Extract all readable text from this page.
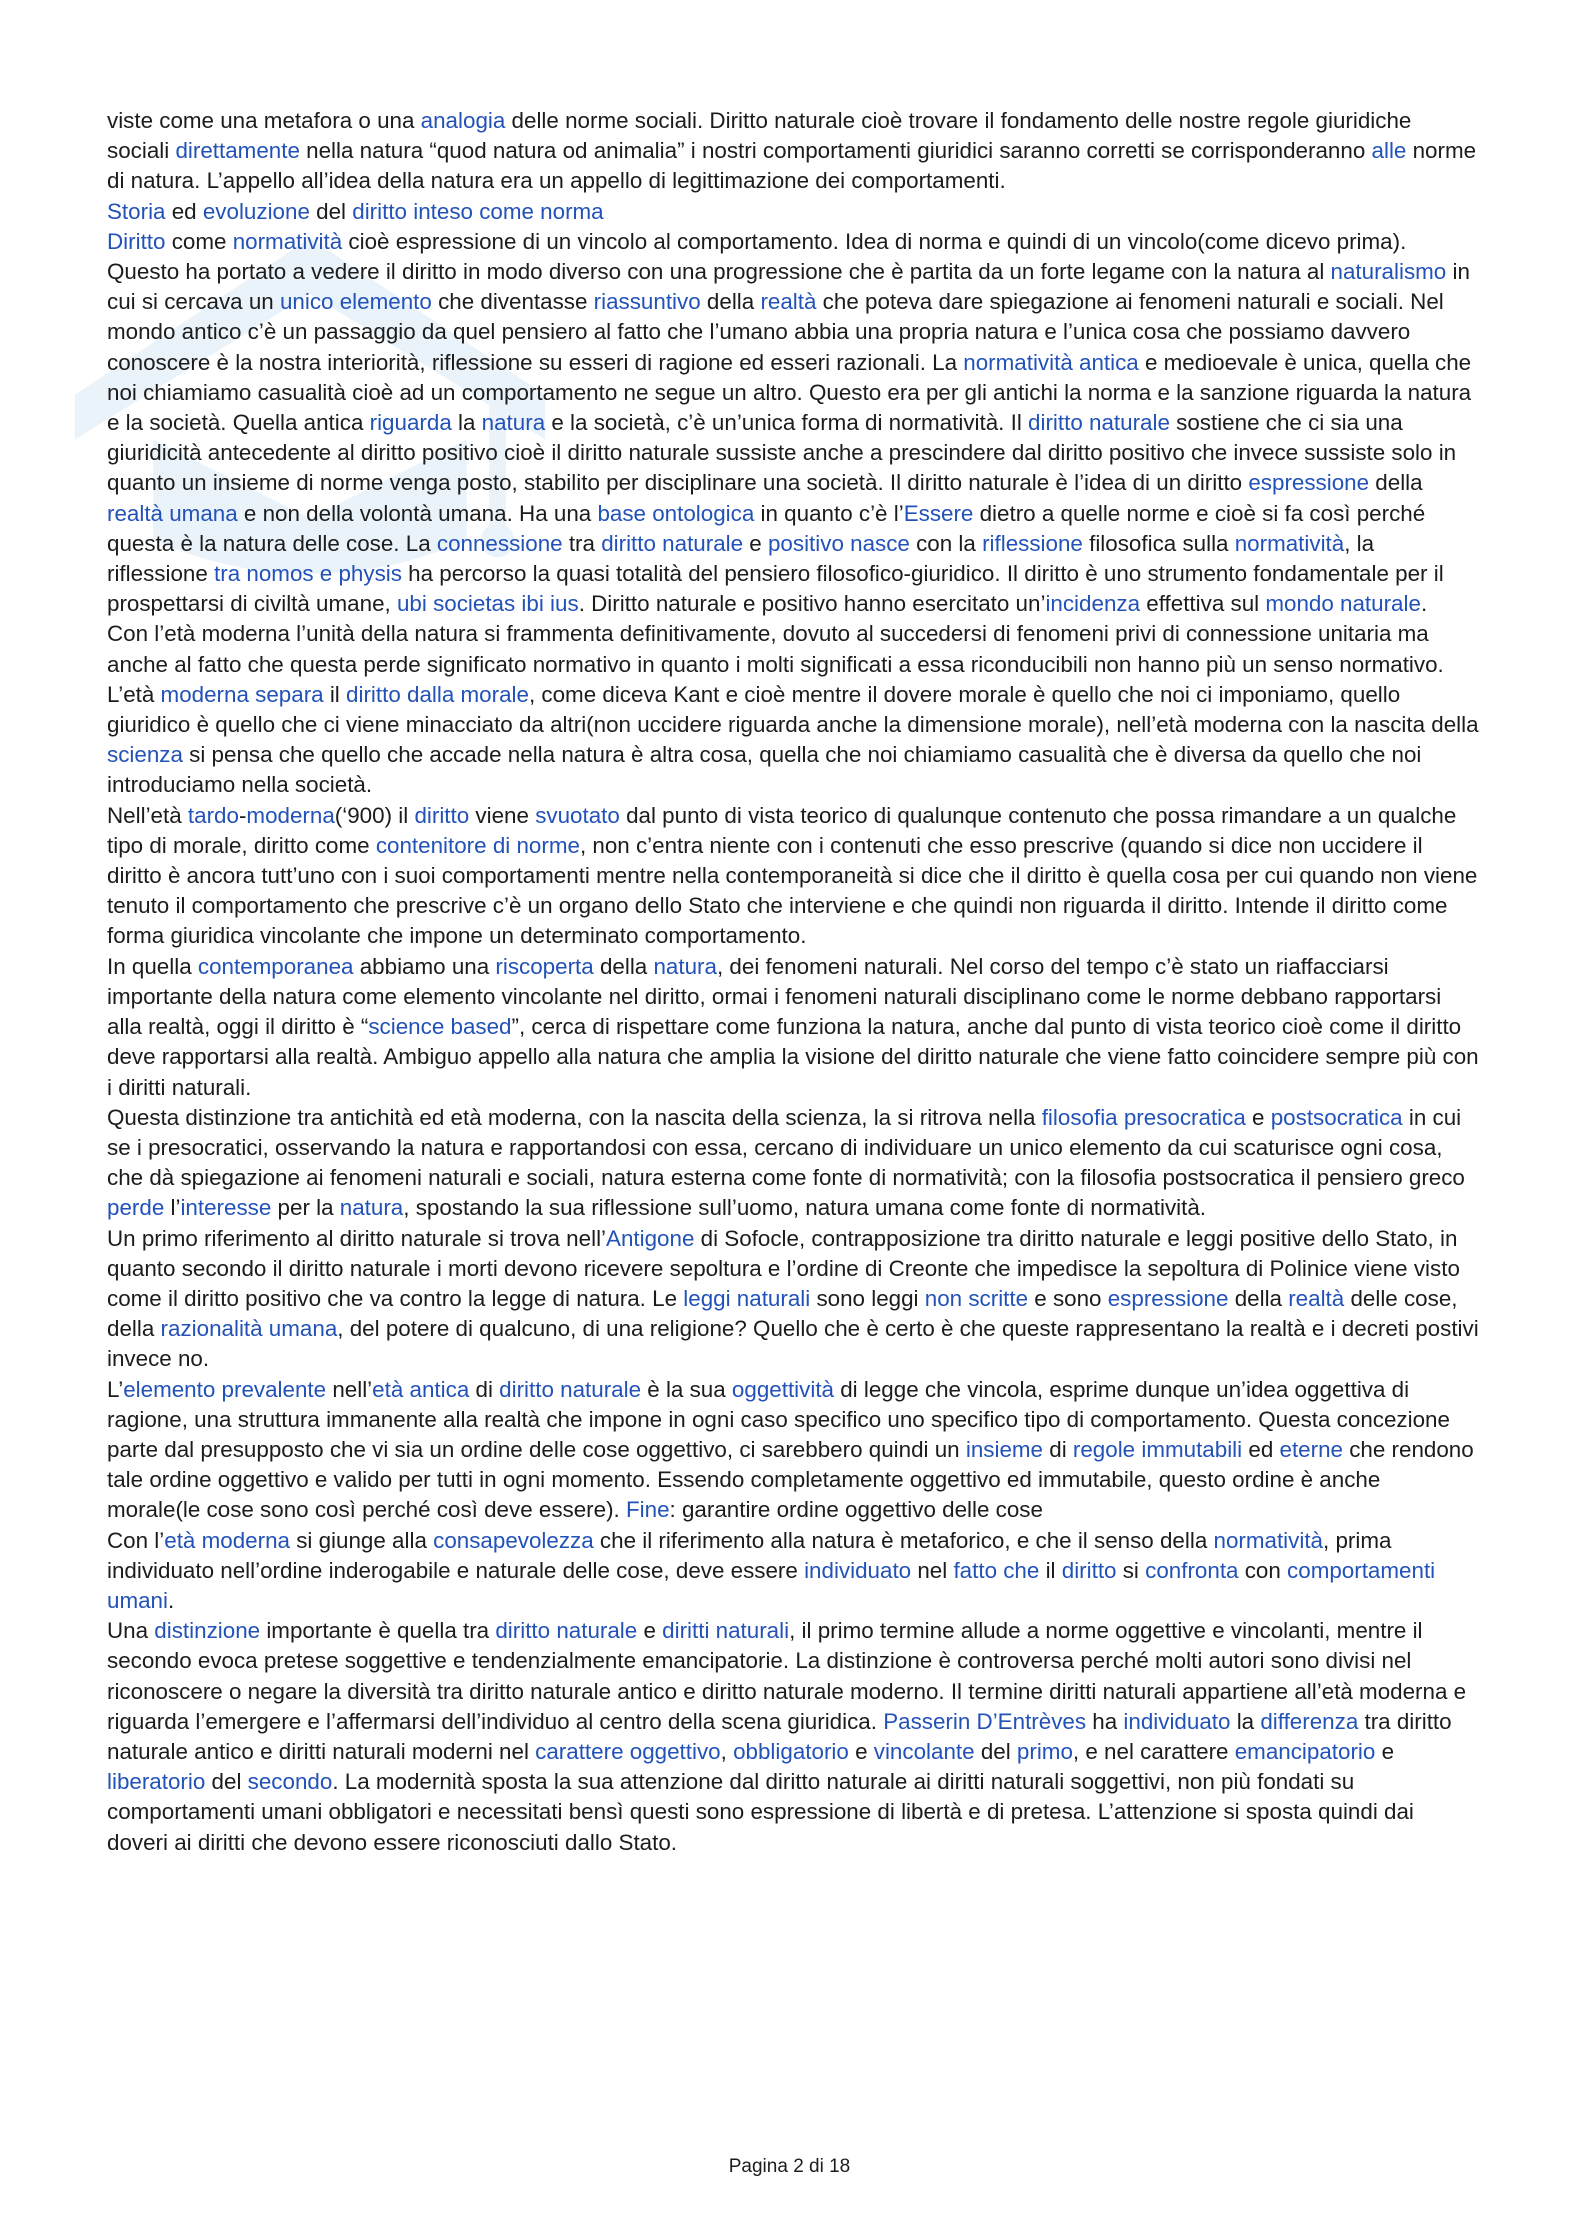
viste come una metafora o una analogia delle norme sociali. Diritto naturale cioè trovare il fondamento delle nostre regole giuridiche sociali direttamente nella natura “quod natura od animalia” i nostri comportamenti giuridici saranno corretti se corrisponderanno alle norme di natura. L’appello all’idea della natura era un appello di legittimazione dei comportamenti.

Storia ed evoluzione del diritto inteso come norma

Diritto come normatività cioè espressione di un vincolo al comportamento. Idea di norma e quindi di un vincolo(come dicevo prima). Questo ha portato a vedere il diritto in modo diverso con una progressione che è partita da un forte legame con la natura al naturalismo in cui si cercava un unico elemento che diventasse riassuntivo della realtà che poteva dare spiegazione ai fenomeni naturali e sociali. Nel mondo antico c’è un passaggio da quel pensiero al fatto che l’umano abbia una propria natura e l’unica cosa che possiamo davvero conoscere è la nostra interiorità, riflessione su esseri di ragione ed esseri razionali. La normatività antica e medioevale è unica, quella che noi chiamiamo casualità cioè ad un comportamento ne segue un altro. Questo era per gli antichi la norma e la sanzione riguarda la natura e la società. Quella antica riguarda la natura e la società, c’è un’unica forma di normatività. Il diritto naturale sostiene che ci sia una giuridicità antecedente al diritto positivo cioè il diritto naturale sussiste anche a prescindere dal diritto positivo che invece sussiste solo in quanto un insieme di norme venga posto, stabilito per disciplinare una società. Il diritto naturale è l’idea di un diritto espressione della realtà umana e non della volontà umana. Ha una base ontologica in quanto c’è l’Essere dietro a quelle norme e cioè si fa così perché questa è la natura delle cose. La connessione tra diritto naturale e positivo nasce con la riflessione filosofica sulla normatività, la riflessione tra nomos e physis ha percorso la quasi totalità del pensiero filosofico-giuridico. Il diritto è uno strumento fondamentale per il prospettarsi di civiltà umane, ubi societas ibi ius. Diritto naturale e positivo hanno esercitato un’incidenza effettiva sul mondo naturale.

Con l’età moderna l’unità della natura si frammenta definitivamente, dovuto al succedersi di fenomeni privi di connessione unitaria ma anche al fatto che questa perde significato normativo in quanto i molti significati a essa riconducibili non hanno più un senso normativo. L’età moderna separa il diritto dalla morale, come diceva Kant e cioè mentre il dovere morale è quello che noi ci imponiamo, quello giuridico è quello che ci viene minacciato da altri(non uccidere riguarda anche la dimensione morale), nell’età moderna con la nascita della scienza si pensa che quello che accade nella natura è altra cosa, quella che noi chiamiamo casualità che è diversa da quello che noi introduciamo nella società.

Nell’età tardo-moderna(‘900) il diritto viene svuotato dal punto di vista teorico di qualunque contenuto che possa rimandare a un qualche tipo di morale, diritto come contenitore di norme, non c’entra niente con i contenuti che esso prescrive (quando si dice non uccidere il diritto è ancora tutt’uno con i suoi comportamenti mentre nella contemporaneità si dice che il diritto è quella cosa per cui quando non viene tenuto il comportamento che prescrive c’è un organo dello Stato che interviene e che quindi non riguarda il diritto. Intende il diritto come forma giuridica vincolante che impone un determinato comportamento.

In quella contemporanea abbiamo una riscoperta della natura, dei fenomeni naturali. Nel corso del tempo c’è stato un riaffacciarsi importante della natura come elemento vincolante nel diritto, ormai i fenomeni naturali disciplinano come le norme debbano rapportarsi alla realtà, oggi il diritto è “science based”, cerca di rispettare come funziona la natura, anche dal punto di vista teorico cioè come il diritto deve rapportarsi alla realtà. Ambiguo appello alla natura che amplia la visione del diritto naturale che viene fatto coincidere sempre più con i diritti naturali.

Questa distinzione tra antichità ed età moderna, con la nascita della scienza, la si ritrova nella filosofia presocratica e postsocratica in cui se i presocratici, osservando la natura e rapportandosi con essa, cercano di individuare un unico elemento da cui scaturisce ogni cosa, che dà spiegazione ai fenomeni naturali e sociali, natura esterna come fonte di normatività; con la filosofia postsocratica il pensiero greco perde l’interesse per la natura, spostando la sua riflessione sull’uomo, natura umana come fonte di normatività.

Un primo riferimento al diritto naturale si trova nell’Antigone di Sofocle, contrapposizione tra diritto naturale e leggi positive dello Stato, in quanto secondo il diritto naturale i morti devono ricevere sepoltura e l’ordine di Creonte che impedisce la sepoltura di Polinice viene visto come il diritto positivo che va contro la legge di natura. Le leggi naturali sono leggi non scritte e sono espressione della realtà delle cose, della razionalità umana, del potere di qualcuno, di una religione? Quello che è certo è che queste rappresentano la realtà e i decreti postivi invece no.

L’elemento prevalente nell’età antica di diritto naturale è la sua oggettività di legge che vincola, esprime dunque un’idea oggettiva di ragione, una struttura immanente alla realtà che impone in ogni caso specifico uno specifico tipo di comportamento. Questa concezione parte dal presupposto che vi sia un ordine delle cose oggettivo, ci sarebbero quindi un insieme di regole immutabili ed eterne che rendono tale ordine oggettivo e valido per tutti in ogni momento. Essendo completamente oggettivo ed immutabile, questo ordine è anche morale(le cose sono così perché così deve essere). Fine: garantire ordine oggettivo delle cose

Con l’età moderna si giunge alla consapevolezza che il riferimento alla natura è metaforico, e che il senso della normatività, prima individuato nell’ordine inderogabile e naturale delle cose, deve essere individuato nel fatto che il diritto si confronta con comportamenti umani.

Una distinzione importante è quella tra diritto naturale e diritti naturali, il primo termine allude a norme oggettive e vincolanti, mentre il secondo evoca pretese soggettive e tendenzialmente emancipatorie. La distinzione è controversa perché molti autori sono divisi nel riconoscere o negare la diversità tra diritto naturale antico e diritto naturale moderno. Il termine diritti naturali appartiene all’età moderna e riguarda l’emergere e l’affermarsi dell’individuo al centro della scena giuridica. Passerin D’Entrèves ha individuato la differenza tra diritto naturale antico e diritti naturali moderni nel carattere oggettivo, obbligatorio e vincolante del primo, e nel carattere emancipatorio e liberatorio del secondo. La modernità sposta la sua attenzione dal diritto naturale ai diritti naturali soggettivi, non più fondati su comportamenti umani obbligatori e necessitati bensì questi sono espressione di libertà e di pretesa. L’attenzione si sposta quindi dai doveri ai diritti che devono essere riconosciuti dallo Stato.

Pagina 2 di 18
